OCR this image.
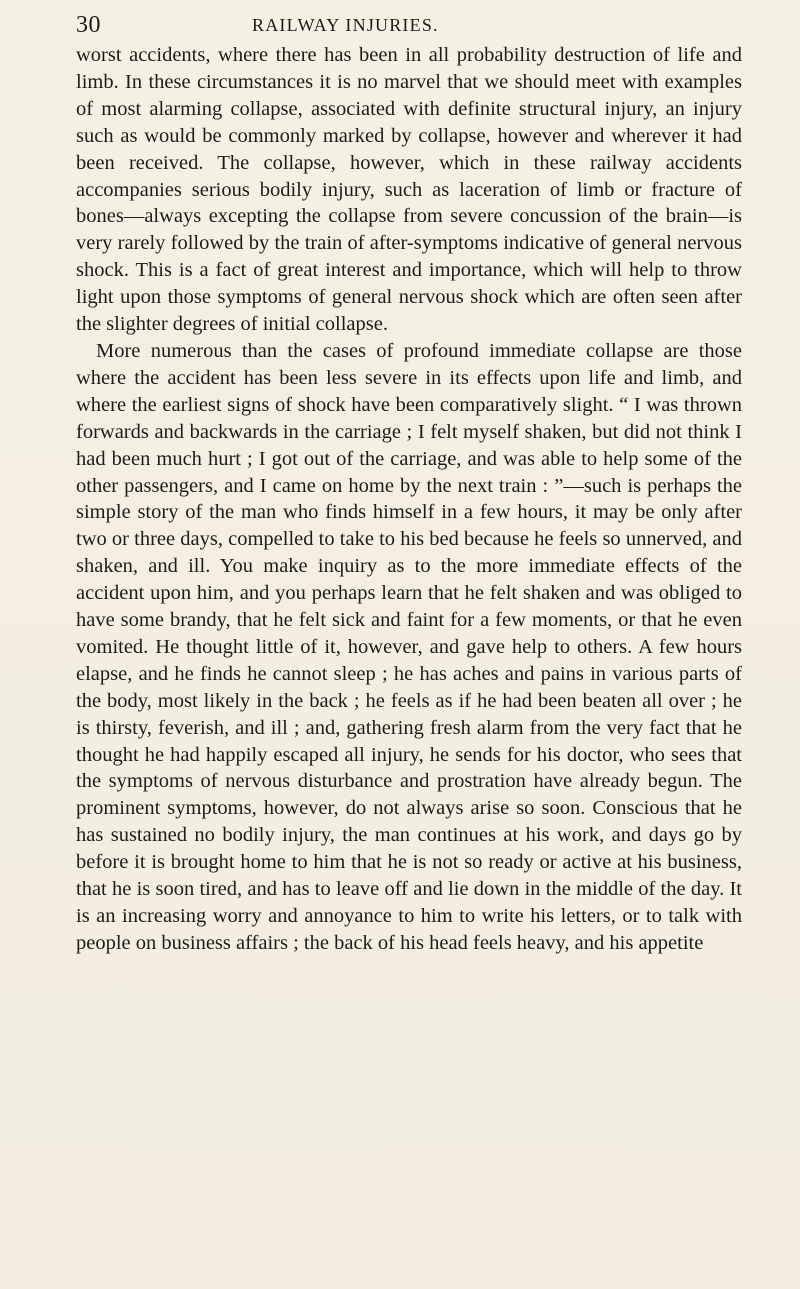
30	RAILWAY INJURIES.

worst accidents, where there has been in all probability destruction of life and limb. In these circumstances it is no marvel that we should meet with examples of most alarming collapse, associated with definite structural injury, an injury such as would be commonly marked by collapse, however and wherever it had been received. The collapse, however, which in these railway accidents accompanies serious bodily injury, such as laceration of limb or fracture of bones—always excepting the collapse from severe concussion of the brain—is very rarely followed by the train of after-symptoms indicative of general nervous shock. This is a fact of great interest and importance, which will help to throw light upon those symptoms of general nervous shock which are often seen after the slighter degrees of initial collapse.

More numerous than the cases of profound immediate collapse are those where the accident has been less severe in its effects upon life and limb, and where the earliest signs of shock have been comparatively slight. “ I was thrown forwards and backwards in the carriage ; I felt myself shaken, but did not think I had been much hurt ; I got out of the carriage, and was able to help some of the other passengers, and I came on home by the next train : ”—such is perhaps the simple story of the man who finds himself in a few hours, it may be only after two or three days, compelled to take to his bed because he feels so unnerved, and shaken, and ill. You make inquiry as to the more immediate effects of the accident upon him, and you perhaps learn that he felt shaken and was obliged to have some brandy, that he felt sick and faint for a few moments, or that he even vomited. He thought little of it, however, and gave help to others. A few hours elapse, and he finds he cannot sleep ; he has aches and pains in various parts of the body, most likely in the back ; he feels as if he had been beaten all over ; he is thirsty, feverish, and ill ; and, gathering fresh alarm from the very fact that he thought he had happily escaped all injury, he sends for his doctor, who sees that the symptoms of nervous disturbance and prostration have already begun. The prominent symptoms, however, do not always arise so soon. Conscious that he has sustained no bodily injury, the man continues at his work, and days go by before it is brought home to him that he is not so ready or active at his business, that he is soon tired, and has to leave off and lie down in the middle of the day. It is an increasing worry and annoyance to him to write his letters, or to talk with people on business affairs ; the back of his head feels heavy, and his appetite
